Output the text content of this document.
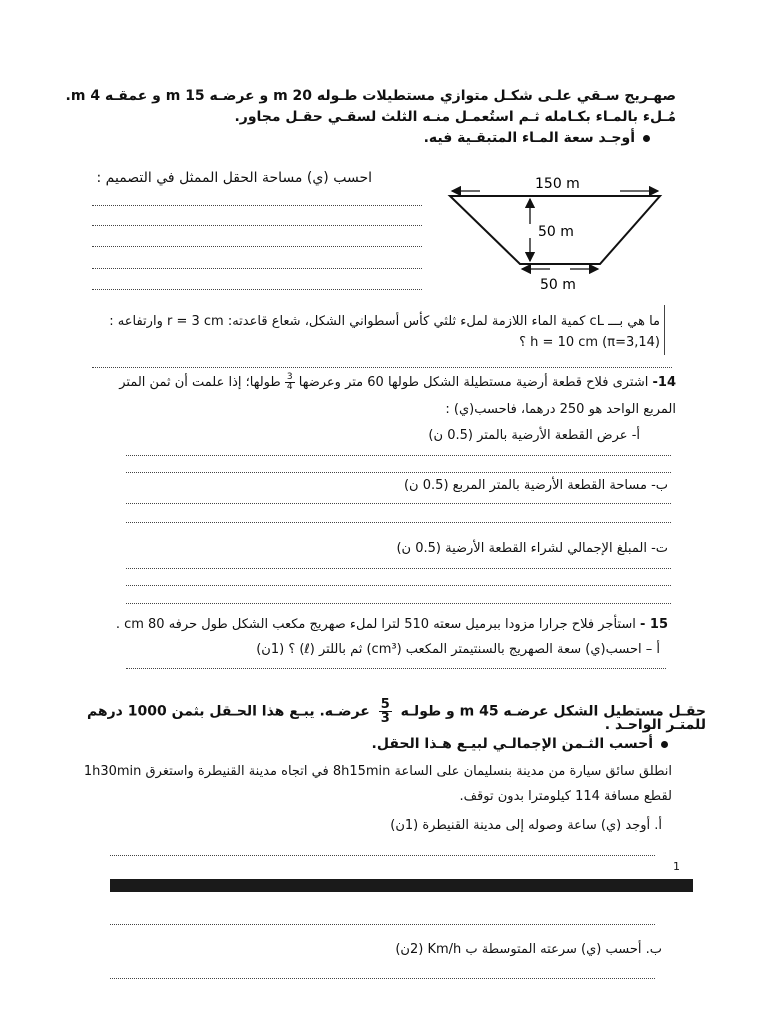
صهـريج سـقي علـى شكـل متوازي مستطيلات طـوله 20 m و عرضـه 15 m و عمقـه 4 m.
مُـلء بالمـاء بكـامله ثـم استُعمـل منـه الثلث لسقـي حقـل مجاور.
أوجـد سعة المـاء المتبقـية فيه.
احسب (ي) مساحة الحقل الممثل في التصميم :	150 m
50 m
50 m
ما هي بـــ cL كمية الماء اللازمة لملء ثلثي كأس أسطواني الشكل، شعاع قاعدته: r = 3 cm وارتفاعه :
h = 10 cm (π=3,14) ؟
14- اشترى فلاح قطعة أرضية مستطيلة الشكل طولها 60 متر وعرضها
$\frac{3}{4}$
طولها؛ إذا علمت أن ثمن المتر
المربع الواحد هو 250 درهما، فاحسب(ي) :
أ- عرض القطعة الأرضية بالمتر (0.5 ن)
ب- مساحة القطعة الأرضية بالمتر المربع (0.5 ن)
ت- المبلغ الإجمالي لشراء القطعة الأرضية (0.5 ن)
15 - استأجر فلاح جرارا مزودا ببرميل سعته 510 لترا لملء صهريج مكعب الشكل طول حرفه 80 cm .
أ – احسب(ي) سعة الصهريج بالسنتيمتر المكعب (cm³) ثم باللتر (ℓ) ؟ (1ن)
حقـل مستطيل الشكل عرضـه 45 m و طولـه
$\frac{5}{3}$
عرضـه. يبـع هذا الحـقل بثمن 1000 درهم
للمتـر الواحـد .
أحسب الثـمن الإجمالـي لبيـع هـذا الحقل.
انطلق سائق سيارة من مدينة بنسليمان على الساعة 8h15min في اتجاه مدينة القنيطرة واستغرق 1h30min
لقطع مسافة 114 كيلومترا بدون توقف.
أ. أوجد (ي) ساعة وصوله إلى مدينة القنيطرة (1ن)
1
ب. أحسب (ي) سرعته المتوسطة ب Km/h (2ن)
